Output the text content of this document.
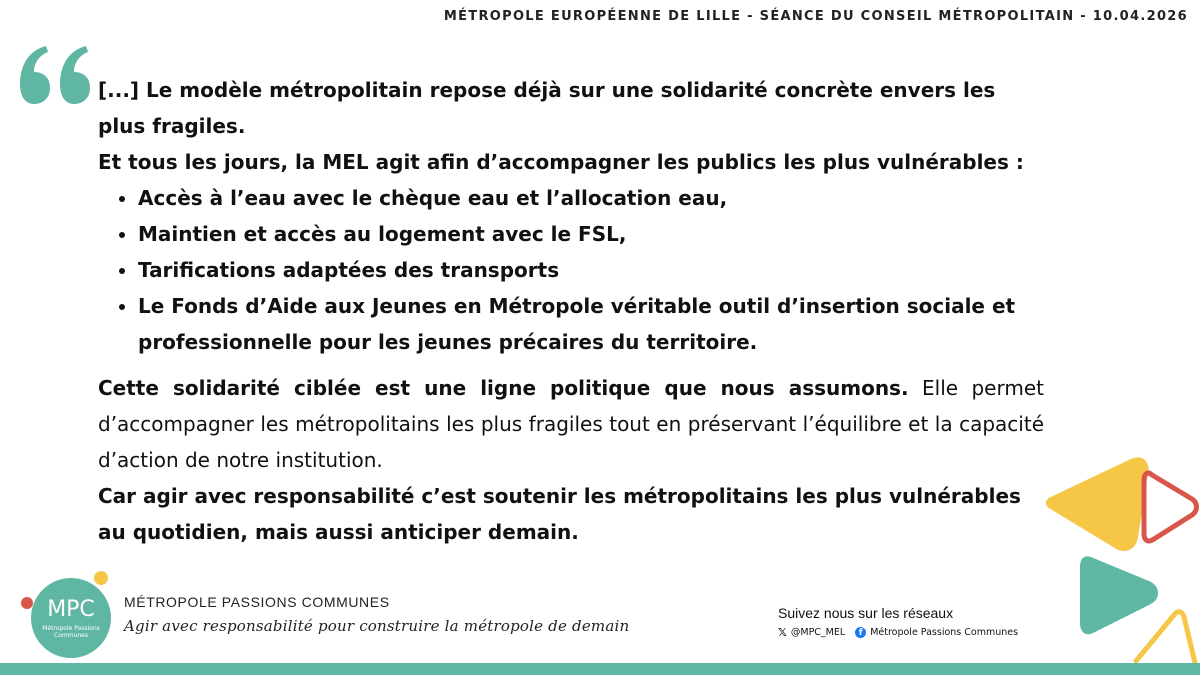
MÉTROPOLE EUROPÉENNE DE LILLE - SÉANCE DU CONSEIL MÉTROPOLITAIN - 10.04.2026

[...] Le modèle métropolitain repose déjà sur une solidarité concrète envers les plus fragiles.

Et tous les jours, la MEL agit afin d’accompagner les publics les plus vulnérables :

• Accès à l’eau avec le chèque eau et l’allocation eau,
• Maintien et accès au logement avec le FSL,
• Tarifications adaptées des transports
• Le Fonds d’Aide aux Jeunes en Métropole véritable outil d’insertion sociale et professionnelle pour les jeunes précaires du territoire.

Cette solidarité ciblée est une ligne politique que nous assumons. Elle permet d’accompagner les métropolitains les plus fragiles tout en préservant l’équilibre et la capacité d’action de notre institution.

Car agir avec responsabilité c’est soutenir les métropolitains les plus vulnérables au quotidien, mais aussi anticiper demain.

MPC
Métropole Passions
Communes
MÉTROPOLE PASSIONS COMMUNES
Agir avec responsabilité pour construire la métropole de demain
Suivez nous sur les réseaux
𝕏 @MPC_MEL	f Métropole Passions Communes
